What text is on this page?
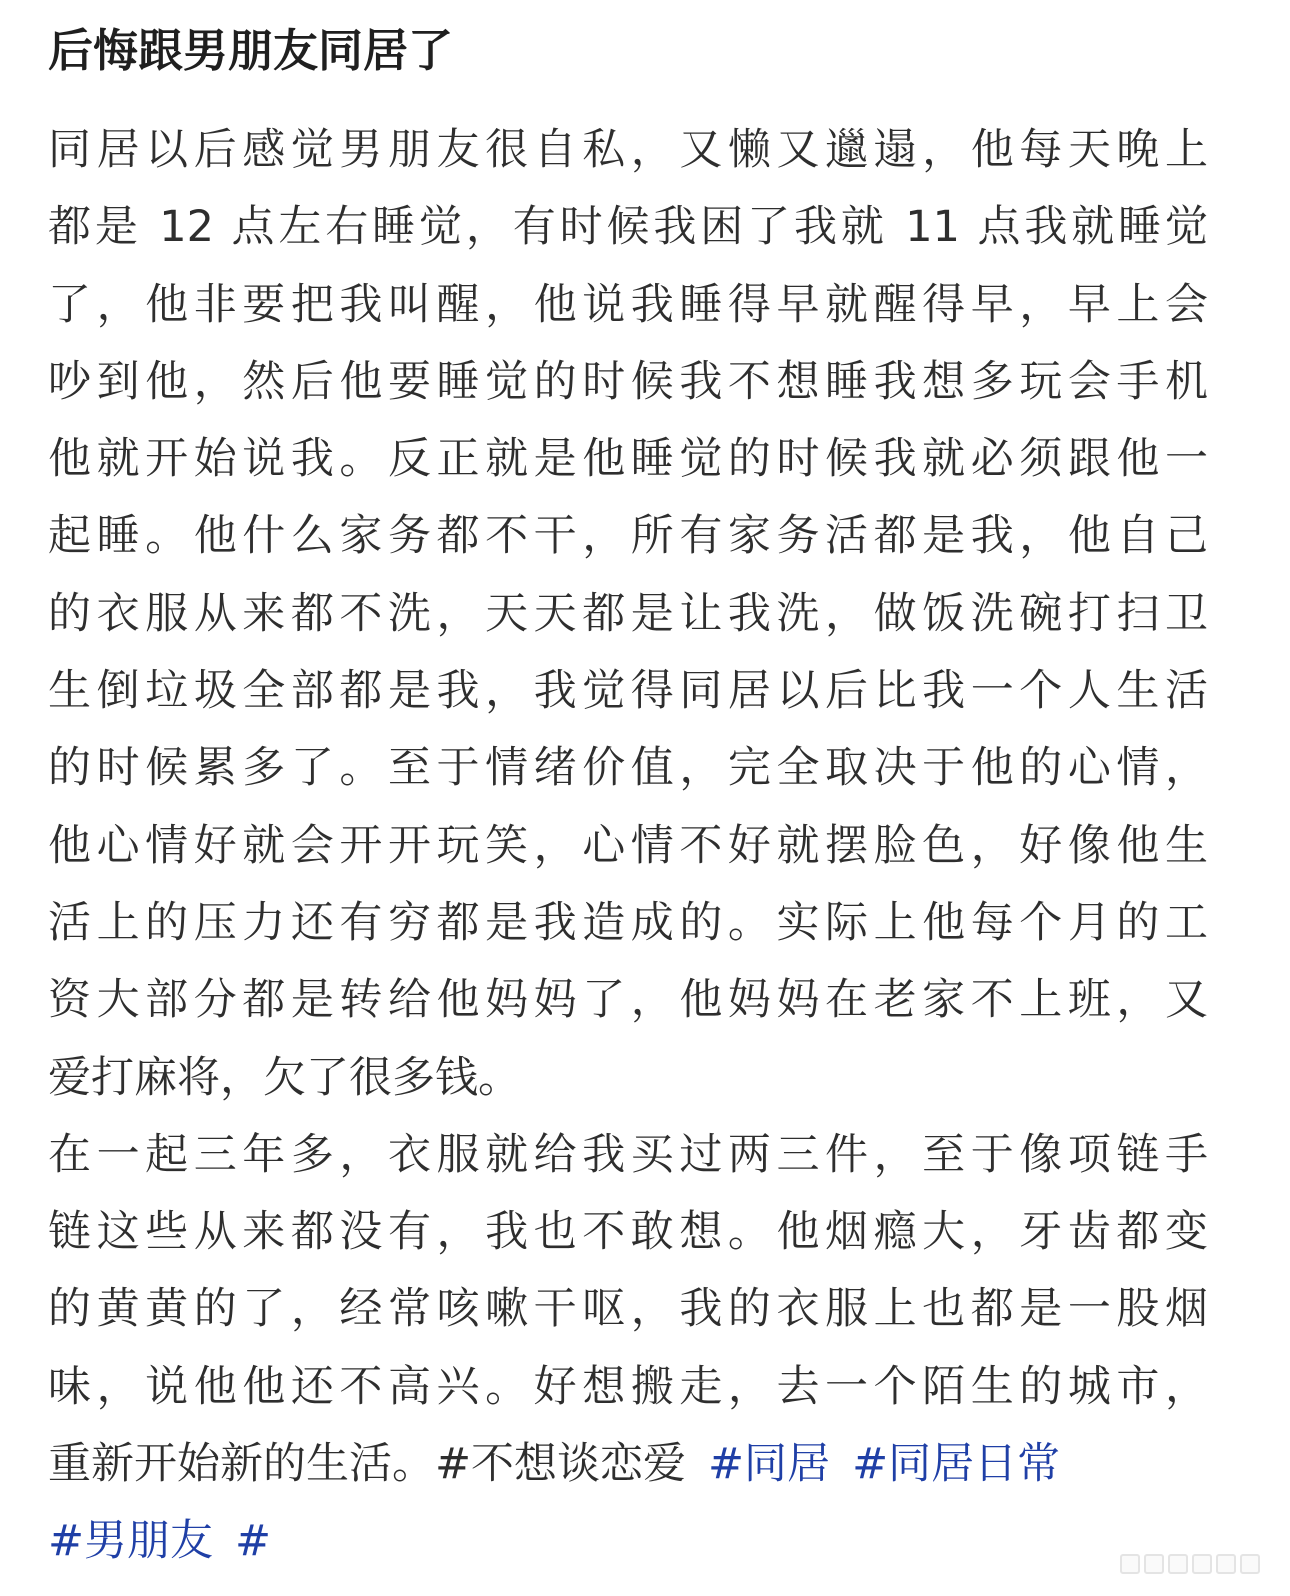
后悔跟男朋友同居了
同居以后感觉男朋友很自私，又懒又邋遢，他每天晚上
都是 12 点左右睡觉，有时候我困了我就 11 点我就睡觉
了，他非要把我叫醒，他说我睡得早就醒得早，早上会
吵到他，然后他要睡觉的时候我不想睡我想多玩会手机
他就开始说我。反正就是他睡觉的时候我就必须跟他一
起睡。他什么家务都不干，所有家务活都是我，他自己
的衣服从来都不洗，天天都是让我洗，做饭洗碗打扫卫
生倒垃圾全部都是我，我觉得同居以后比我一个人生活
的时候累多了。至于情绪价值，完全取决于他的心情，
他心情好就会开开玩笑，心情不好就摆脸色，好像他生
活上的压力还有穷都是我造成的。实际上他每个月的工
资大部分都是转给他妈妈了，他妈妈在老家不上班，又
爱打麻将，欠了很多钱。
在一起三年多，衣服就给我买过两三件，至于像项链手
链这些从来都没有，我也不敢想。他烟瘾大，牙齿都变
的黄黄的了，经常咳嗽干呕，我的衣服上也都是一股烟
味，说他他还不高兴。好想搬走，去一个陌生的城市，
重新开始新的生活。#不想谈恋爱 #同居 #同居日常
#男朋友 #
